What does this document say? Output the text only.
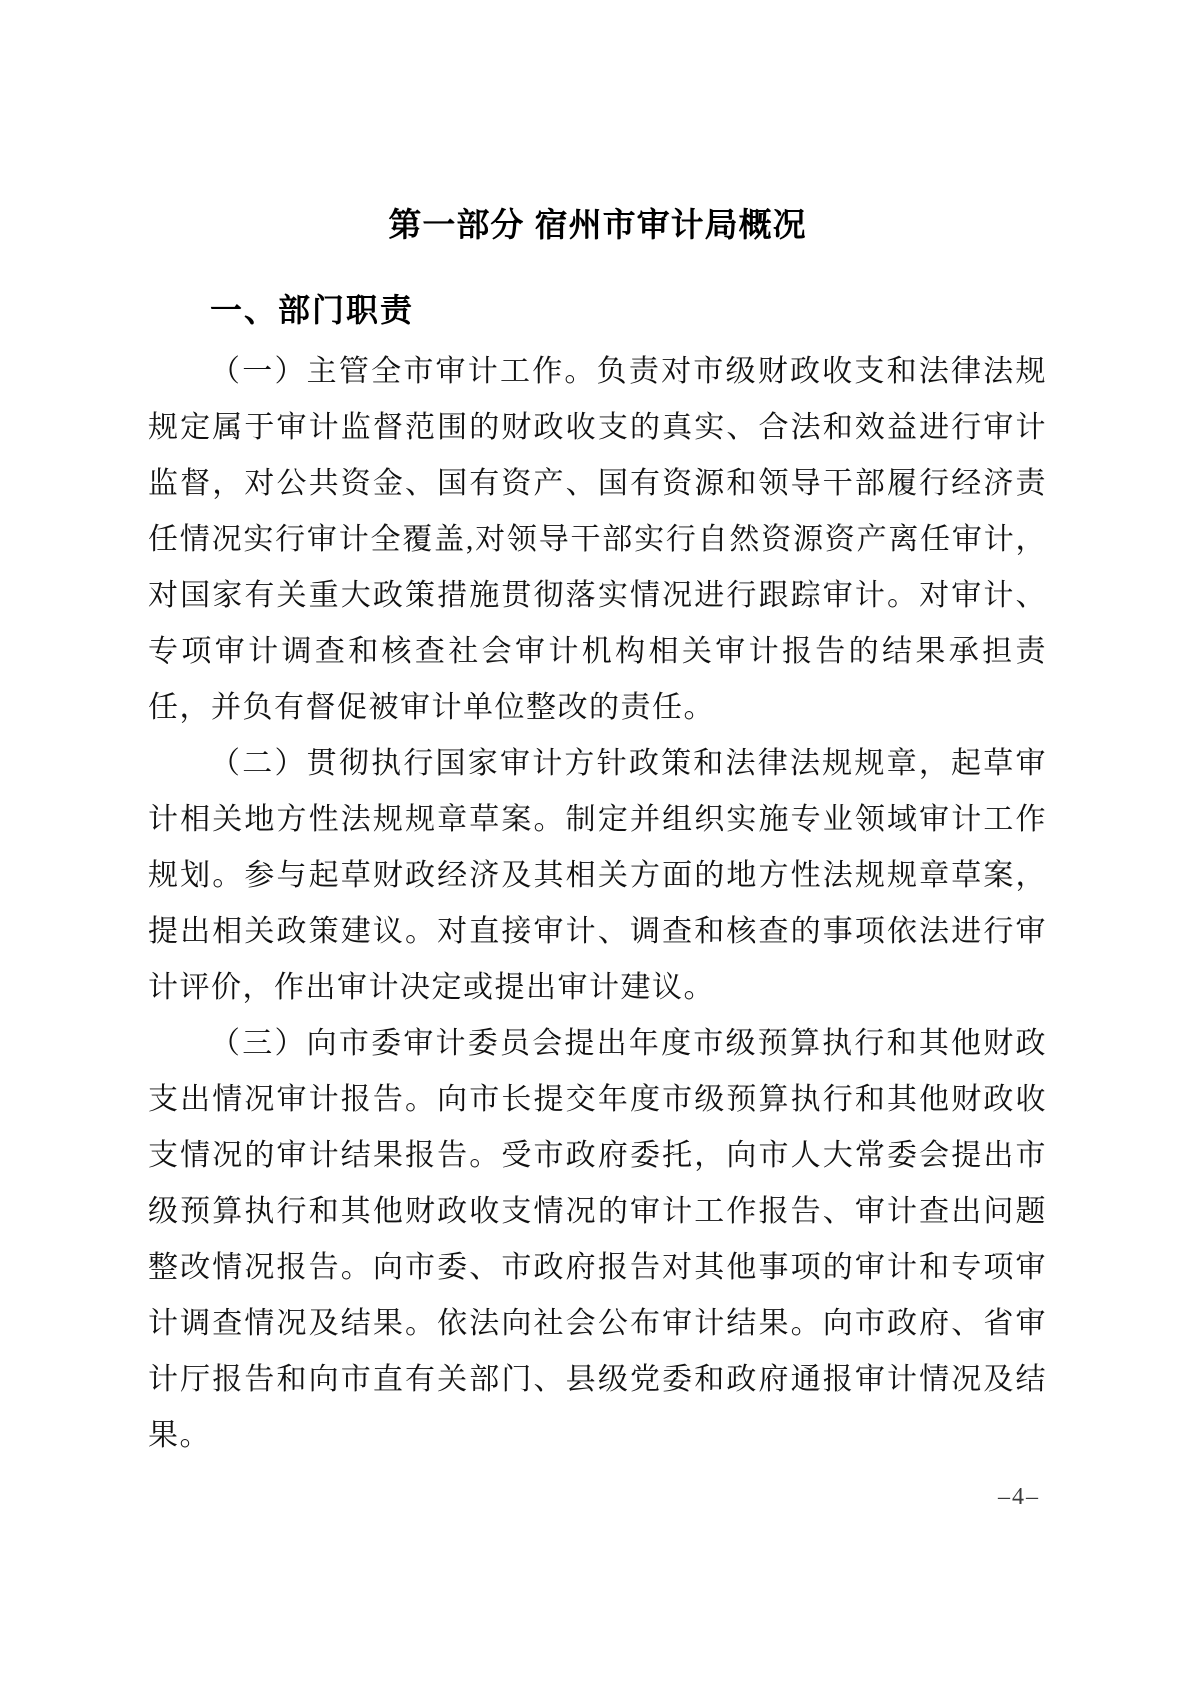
第一部分 宿州市审计局概况
一、部门职责

（一）主管全市审计工作。负责对市级财政收支和法律法规规定属于审计监督范围的财政收支的真实、合法和效益进行审计监督，对公共资金、国有资产、国有资源和领导干部履行经济责任情况实行审计全覆盖,对领导干部实行自然资源资产离任审计，对国家有关重大政策措施贯彻落实情况进行跟踪审计。对审计、专项审计调查和核查社会审计机构相关审计报告的结果承担责任，并负有督促被审计单位整改的责任。

（二）贯彻执行国家审计方针政策和法律法规规章，起草审计相关地方性法规规章草案。制定并组织实施专业领域审计工作规划。参与起草财政经济及其相关方面的地方性法规规章草案，提出相关政策建议。对直接审计、调查和核查的事项依法进行审计评价，作出审计决定或提出审计建议。

（三）向市委审计委员会提出年度市级预算执行和其他财政支出情况审计报告。向市长提交年度市级预算执行和其他财政收支情况的审计结果报告。受市政府委托，向市人大常委会提出市级预算执行和其他财政收支情况的审计工作报告、审计查出问题整改情况报告。向市委、市政府报告对其他事项的审计和专项审计调查情况及结果。依法向社会公布审计结果。向市政府、省审计厅报告和向市直有关部门、县级党委和政府通报审计情况及结果。

–4–
